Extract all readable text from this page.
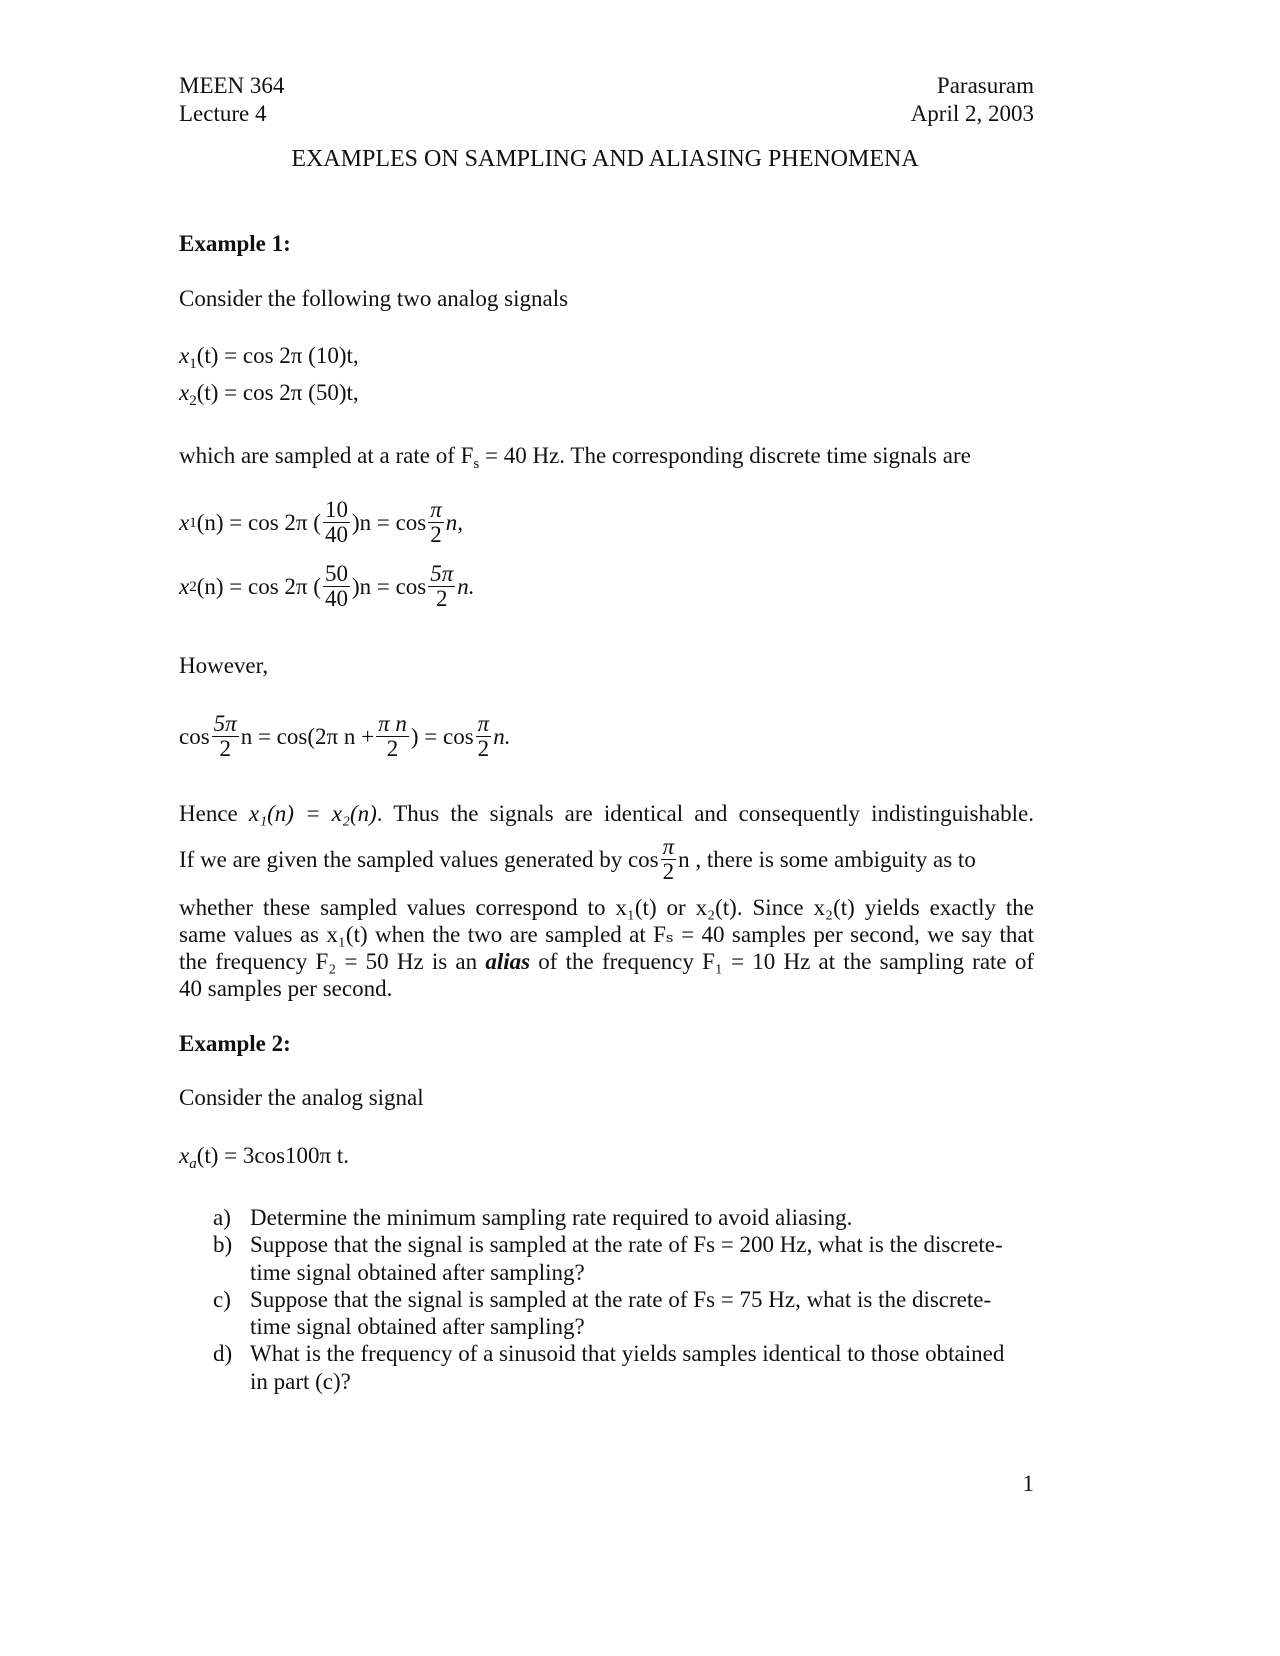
MEEN 364
Lecture 4
Parasuram
April 2, 2003
EXAMPLES ON SAMPLING AND ALIASING PHENOMENA
Example 1:
Consider the following two analog signals
$x_1(t) = \cos 2\pi$ (10)t,
$x_2(t) = \cos 2\pi$ (50)t,
which are sampled at a rate of $F_s = 40$ Hz. The corresponding discrete time signals are
x 1 (n) = cos 2π ( $\frac{10}{40} )n = \cos \frac{\pi}{2} n$,
x 2 (n) = cos 2π ( $\frac{50}{40} )n = \cos \frac{5\pi}{2} n$.
However,
$\cos \frac{5\pi}{2}$ n = cos(2π $n + \frac{\text{π n}}{2}$ ) = $\cos \frac{\pi}{2} n$.
Hence x₁(n) = x₂(n). Thus the signals are identical and consequently indistinguishable.
If we are given the sampled values generated by $\cos \frac{\pi}{2}$ n , there is some ambiguity as to
whether these sampled values correspond to x₁(t) or x₂(t). Since x₂(t) yields exactly the
same values as x₁(t) when the two are sampled at Fₛ = 40 samples per second, we say that
the frequency F₂ = 50 Hz is an alias of the frequency F₁ = 10 Hz at the sampling rate of
40 samples per second.
Example 2:
Consider the analog signal
$x_a(t) = 3\cos 100\pi$ t.
a) Determine the minimum sampling rate required to avoid aliasing.
b) Suppose that the signal is sampled at the rate of Fs = 200 Hz, what is the discrete-
time signal obtained after sampling?
c) Suppose that the signal is sampled at the rate of Fs = 75 Hz, what is the discrete-
time signal obtained after sampling?
d) What is the frequency of a sinusoid that yields samples identical to those obtained
in part (c)?
1
